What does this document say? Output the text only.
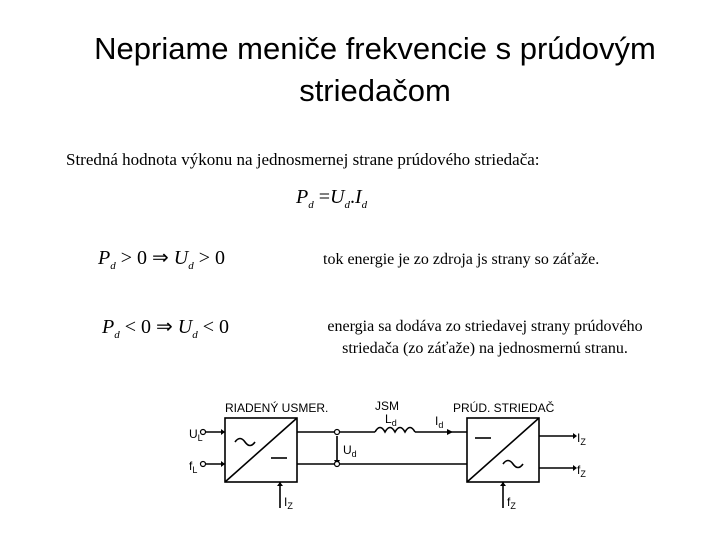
Nepriame meniče frekvencie s prúdovým
striedačom
Stredná hodnota výkonu na jednosmernej strane prúdového striedača:
$P_d =U_d.I_d$
$P_d > 0$ ⇒ $U_d > 0$	tok energie je zo zdroja js strany so záťaže.
$P_d < 0$ ⇒ $U_d < 0$	energia sa dodáva zo striedavej strany prúdového
striedača (zo záťaže) na jednosmernú stranu.
RIADENÝ USMER.	PRÚD. STRIEDAČ
JSM
$L_d$	$I_d$
$U_d$
$U_L$
$f_L$
$I_Z$
$f_Z$
$I_Z$	$f_Z$
